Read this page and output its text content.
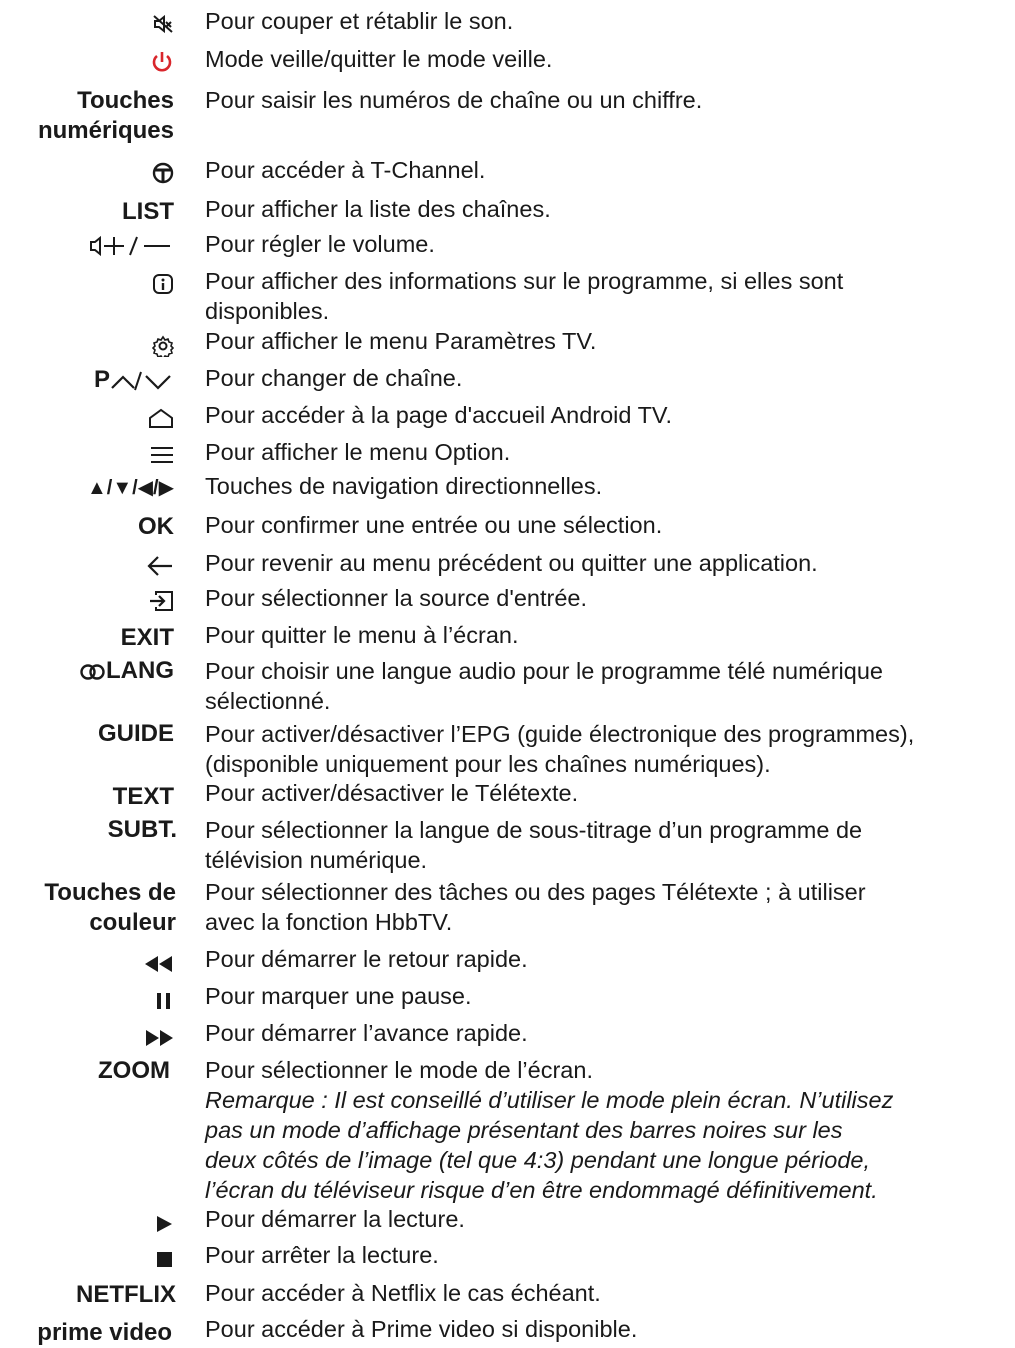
Pour couper et rétablir le son.
Mode veille/quitter le mode veille.
Touches
numériques
Pour saisir les numéros de chaîne ou un chiffre.
Pour accéder à T-Channel.
LIST Pour afficher la liste des chaînes.
Pour régler le volume.
Pour afficher des informations sur le programme, si elles sont
disponibles.
Pour afficher le menu Paramètres TV.
P	Pour changer de chaîne.
Pour accéder à la page d'accueil Android TV.
Pour afficher le menu Option.
▲/▼/◀/▶ Touches de navigation directionnelles.
OK Pour confirmer une entrée ou une sélection.
Pour revenir au menu précédent ou quitter une application.
Pour sélectionner la source d'entrée.
EXIT Pour quitter le menu à l’écran.
LANG Pour choisir une langue audio pour le programme télé numérique
sélectionné.
GUIDE Pour activer/désactiver l’EPG (guide électronique des programmes),
(disponible uniquement pour les chaînes numériques).
TEXT Pour activer/désactiver le Télétexte.
SUBT. Pour sélectionner la langue de sous-titrage d’un programme de
télévision numérique.
Touches de
couleur
Pour sélectionner des tâches ou des pages Télétexte ; à utiliser
avec la fonction HbbTV.
Pour démarrer le retour rapide.
Pour marquer une pause.
Pour démarrer l’avance rapide.
ZOOM Pour sélectionner le mode de l’écran.
Remarque : Il est conseillé d’utiliser le mode plein écran. N’utilisez
pas un mode d’affichage présentant des barres noires sur les
deux côtés de l’image (tel que 4:3) pendant une longue période,
l’écran du téléviseur risque d’en être endommagé définitivement.
Pour démarrer la lecture.
Pour arrêter la lecture.
NETFLIX Pour accéder à Netflix le cas échéant.
prime video Pour accéder à Prime video si disponible.
